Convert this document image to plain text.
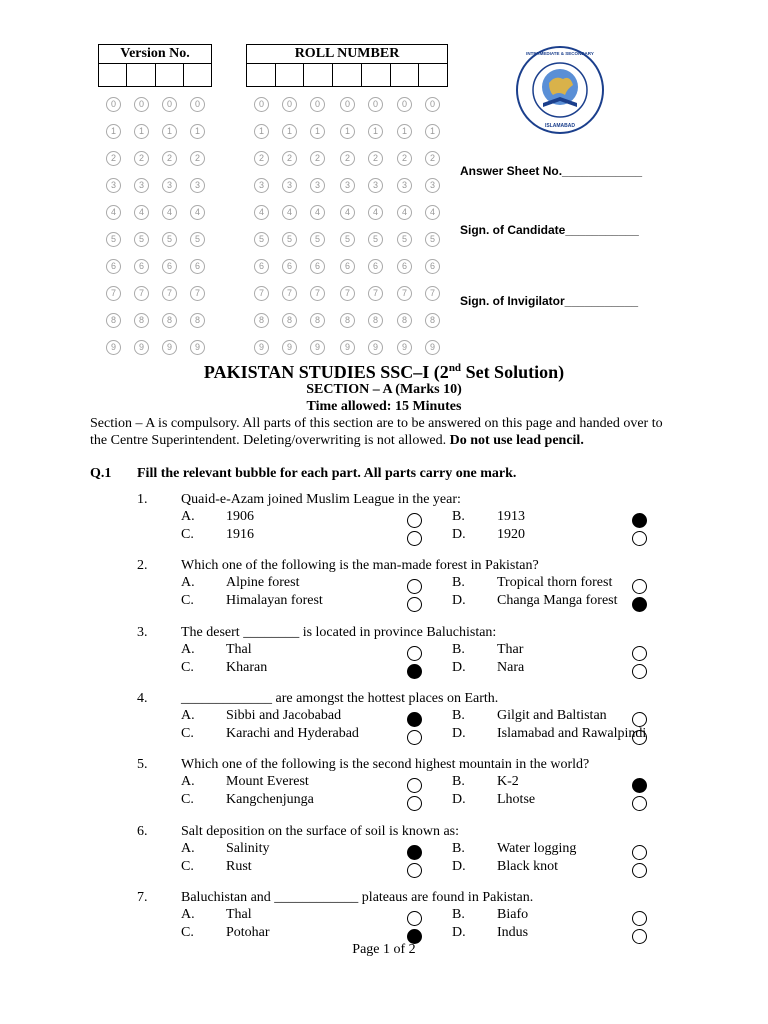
Version No.	ROLL NUMBER
0
1
2
3
4
5
6
7
8
9
0
1
2
3
4
5
6
7
8
9
0
1
2
3
4
5
6
7
8
9
0
1
2
3
4
5
6
7
8
9
0
1
2
3
4
5
6
7
8
9
0
1
2
3
4
5
6
7
8
9
0
1
2
3
4
5
6
7
8
9
0
1
2
3
4
5
6
7
8
9
0
1
2
3
4
5
6
7
8
9
0
1
2
3
4
5
6
7
8
9
0
1
2
3
4
5
6
7
8
9
ISLAMABAD
INTERMEDIATE & SECONDARY
Answer Sheet No.____________
Sign. of Candidate___________
Sign. of Invigilator___________
PAKISTAN STUDIES SSC–I (2nd Set Solution)
SECTION – A (Marks 10)
Time allowed: 15 Minutes
Section – A is compulsory. All parts of this section are to be answered on this page and handed over to the Centre Superintendent. Deleting/overwriting is not allowed. Do not use lead pencil.
Q.1 Fill the relevant bubble for each part. All parts carry one mark.
1. Quaid-e-Azam joined Muslim League in the year:
A. 1906	B. 1913
C. 1916	D. 1920
2. Which one of the following is the man-made forest in Pakistan?
A. Alpine forest	B. Tropical thorn forest
C. Himalayan forest	D. Changa Manga forest
3. The desert ________ is located in province Baluchistan:
A. Thal	B. Thar
C. Kharan	D. Nara
4. _____________ are amongst the hottest places on Earth.
A. Sibbi and Jacobabad	B. Gilgit and Baltistan
C. Karachi and Hyderabad	D. Islamabad and Rawalpindi
5. Which one of the following is the second highest mountain in the world?
A. Mount Everest	B. K-2
C. Kangchenjunga	D. Lhotse
6. Salt deposition on the surface of soil is known as:
A. Salinity	B. Water logging
C. Rust	D. Black knot
7. Baluchistan and ____________ plateaus are found in Pakistan.
A. Thal	B. Biafo
C. Potohar	D. Indus
Page 1 of 2
